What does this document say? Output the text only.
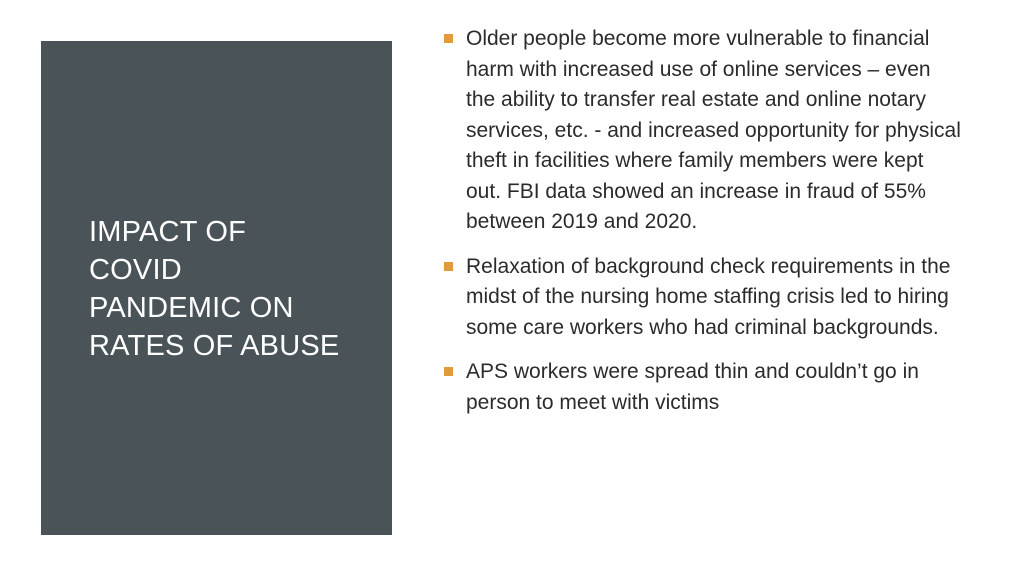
IMPACT OF
COVID
PANDEMIC ON
RATES OF ABUSE
Older people become more vulnerable to financial harm with increased use of online services – even the ability to transfer real estate and online notary services, etc. - and increased opportunity for physical theft in facilities where family members were kept out. FBI data showed an increase in fraud of 55% between 2019 and 2020.
Relaxation of background check requirements in the midst of the nursing home staffing crisis led to hiring some care workers who had criminal backgrounds.
APS workers were spread thin and couldn’t go in person to meet with victims
